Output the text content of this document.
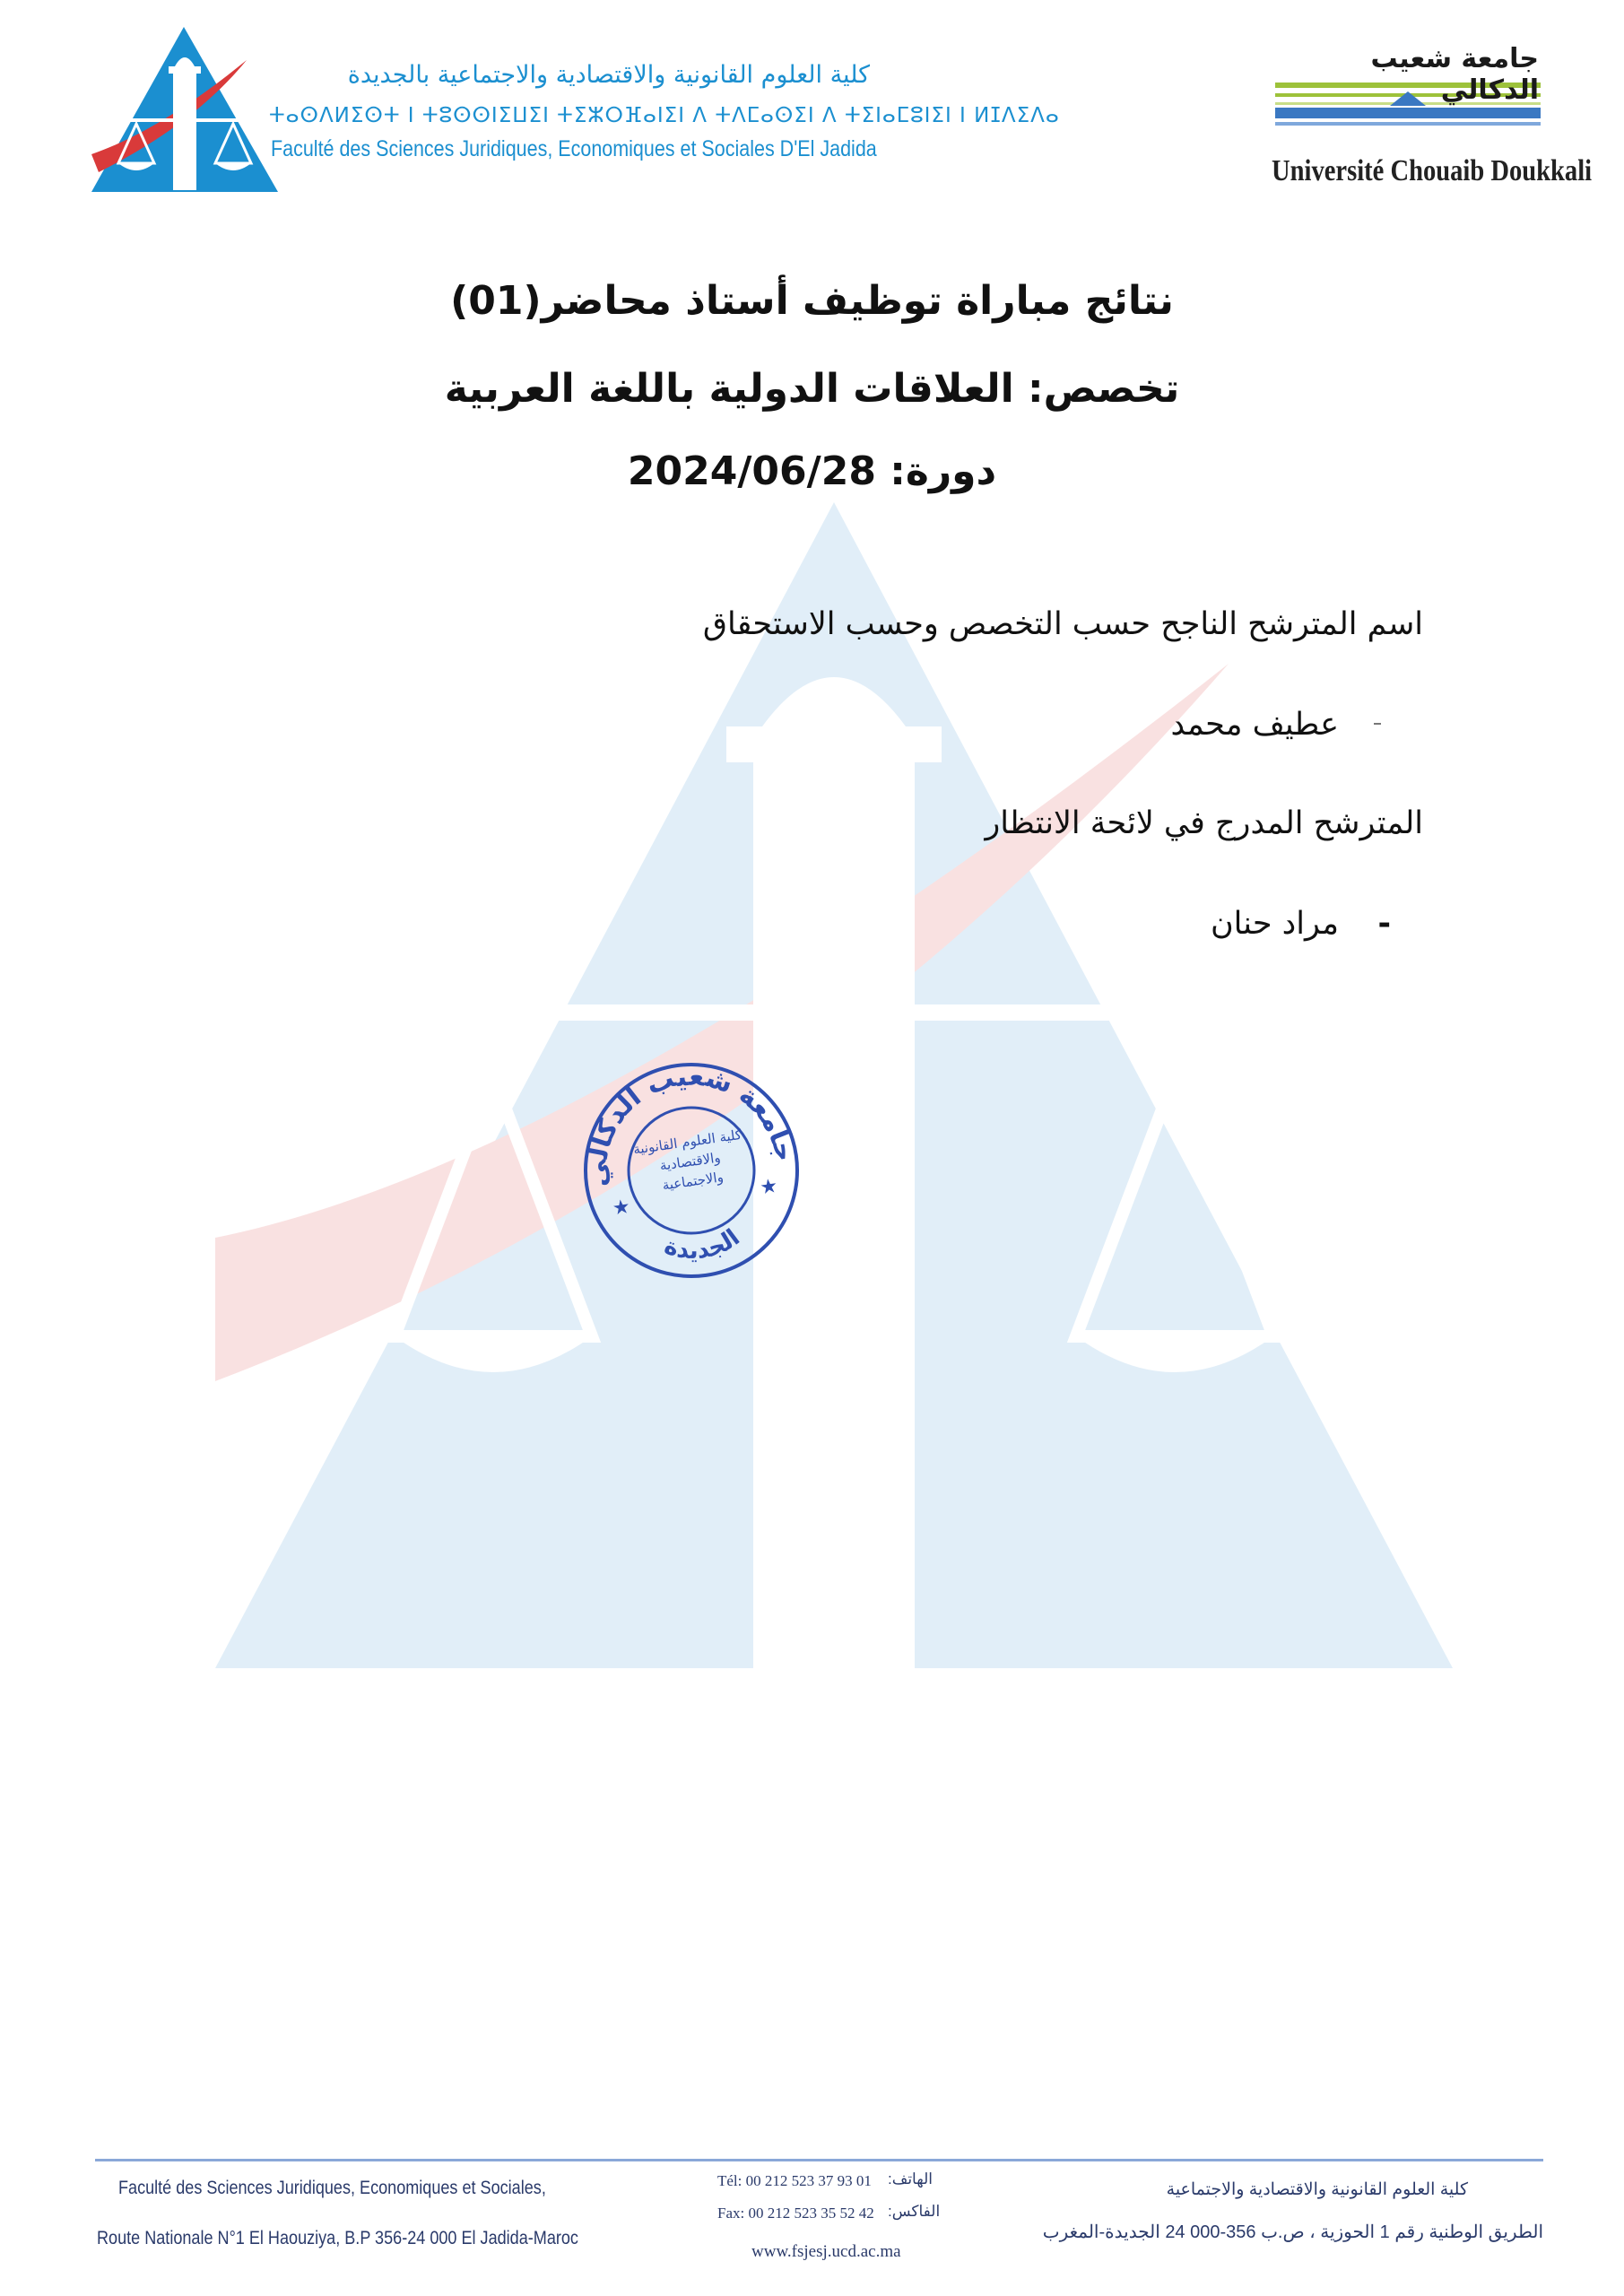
كلية العلوم القانونية والاقتصادية والاجتماعية بالجديدة
ⵜⴰⵙⴷⵍⵉⵙⵜ ⵏ ⵜⵓⵙⵙⵏⵉⵡⵉⵏ ⵜⵉⵣⵔⴼⴰⵏⵉⵏ ⴷ ⵜⴷⵎⴰⵙⵉⵏ ⴷ ⵜⵉⵏⴰⵎⵓⵏⵉⵏ ⵏ ⵍⵊⴷⵉⴷⴰ
Faculté des Sciences Juridiques, Economiques et Sociales D'El Jadida
جامعة شعيب الدكالي
Université Chouaib Doukkali
نتائج مباراة توظيف أستاذ محاضر(01)
تخصص: العلاقات الدولية باللغة العربية
دورة: 2024/06/28
اسم المترشح الناجح حسب التخصص وحسب الاستحقاق
عطيف محمد
المترشح المدرج في لائحة الانتظار
مراد حنان -
جامعة شعيب الدكالي
الجديدة
كلية العلوم القانونية والاقتصادية والاجتماعية
★
★
Faculté des Sciences Juridiques, Economiques et Sociales,
Route Nationale N°1 El Haouziya, B.P 356-24 000 El Jadida-Maroc
Tél: 00 212 523 37 93 01 الهاتف:
Fax: 00 212 523 35 52 42 الفاكس:
www.fsjesj.ucd.ac.ma
كلية العلوم القانونية والاقتصادية والاجتماعية
الطريق الوطنية رقم 1 الحوزية ، ص.ب 356-000 24 الجديدة-المغرب
